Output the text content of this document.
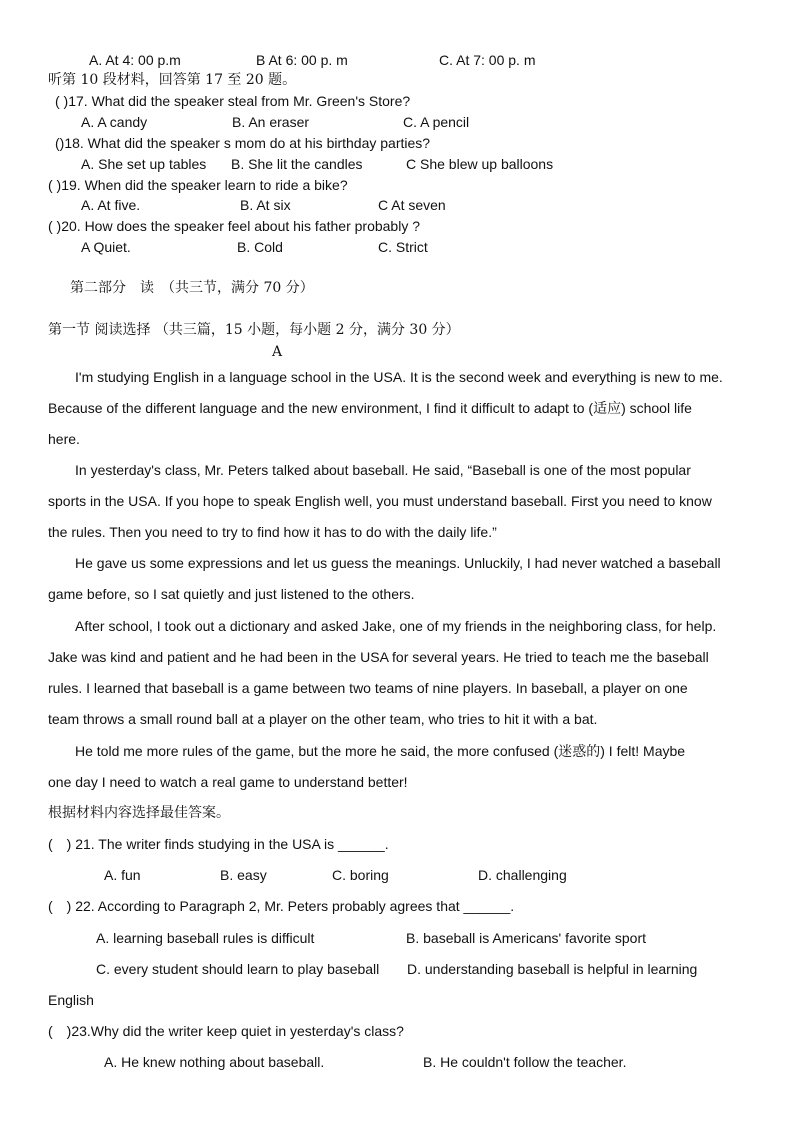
A. At 4: 00 p.m	B At 6: 00 p. m	C. At 7: 00 p. m
听第 10 段材料，回答第 17 至 20 题。
( )17. What did the speaker steal from Mr. Green's Store?
A. A candy	B. An eraser	C. A pencil
()18. What did the speaker s mom do at his birthday parties?
A. She set up tables B. She lit the candles	C She blew up balloons
( )19. When did the speaker learn to ride a bike?
A. At five.	B. At six	C At seven
( )20. How does the speaker feel about his father probably ?
A Quiet.	B. Cold	C. Strict
第二部分　读　（共三节，满分 70 分）
第一节 阅读选择 （共三篇，15 小题，每小题 2 分，满分 30 分）
A
I'm studying English in a language school in the USA. It is the second week and everything is new to me.
Because of the different language and the new environment, I find it difficult to adapt to (适应) school life
here.
In yesterday's class, Mr. Peters talked about baseball. He said, “Baseball is one of the most popular
sports in the USA. If you hope to speak English well, you must understand baseball. First you need to know
the rules. Then you need to try to find how it has to do with the daily life.”
He gave us some expressions and let us guess the meanings. Unluckily, I had never watched a baseball
game before, so I sat quietly and just listened to the others.
After school, I took out a dictionary and asked Jake, one of my friends in the neighboring class, for help.
Jake was kind and patient and he had been in the USA for several years. He tried to teach me the baseball
rules. I learned that baseball is a game between two teams of nine players. In baseball, a player on one
team throws a small round ball at a player on the other team, who tries to hit it with a bat.
He told me more rules of the game, but the more he said, the more confused (迷惑的) I felt! Maybe
one day I need to watch a real game to understand better!
根据材料内容选择最佳答案。
(　) 21. The writer finds studying in the USA is ______.
A. fun	B. easy	C. boring	D. challenging
(　) 22. According to Paragraph 2, Mr. Peters probably agrees that ______.
A. learning baseball rules is difficult	B. baseball is Americans' favorite sport
C. every student should learn to play baseball D. understanding baseball is helpful in learning
English
(　)23.Why did the writer keep quiet in yesterday's class?
A. He knew nothing about baseball.	B. He couldn't follow the teacher.
